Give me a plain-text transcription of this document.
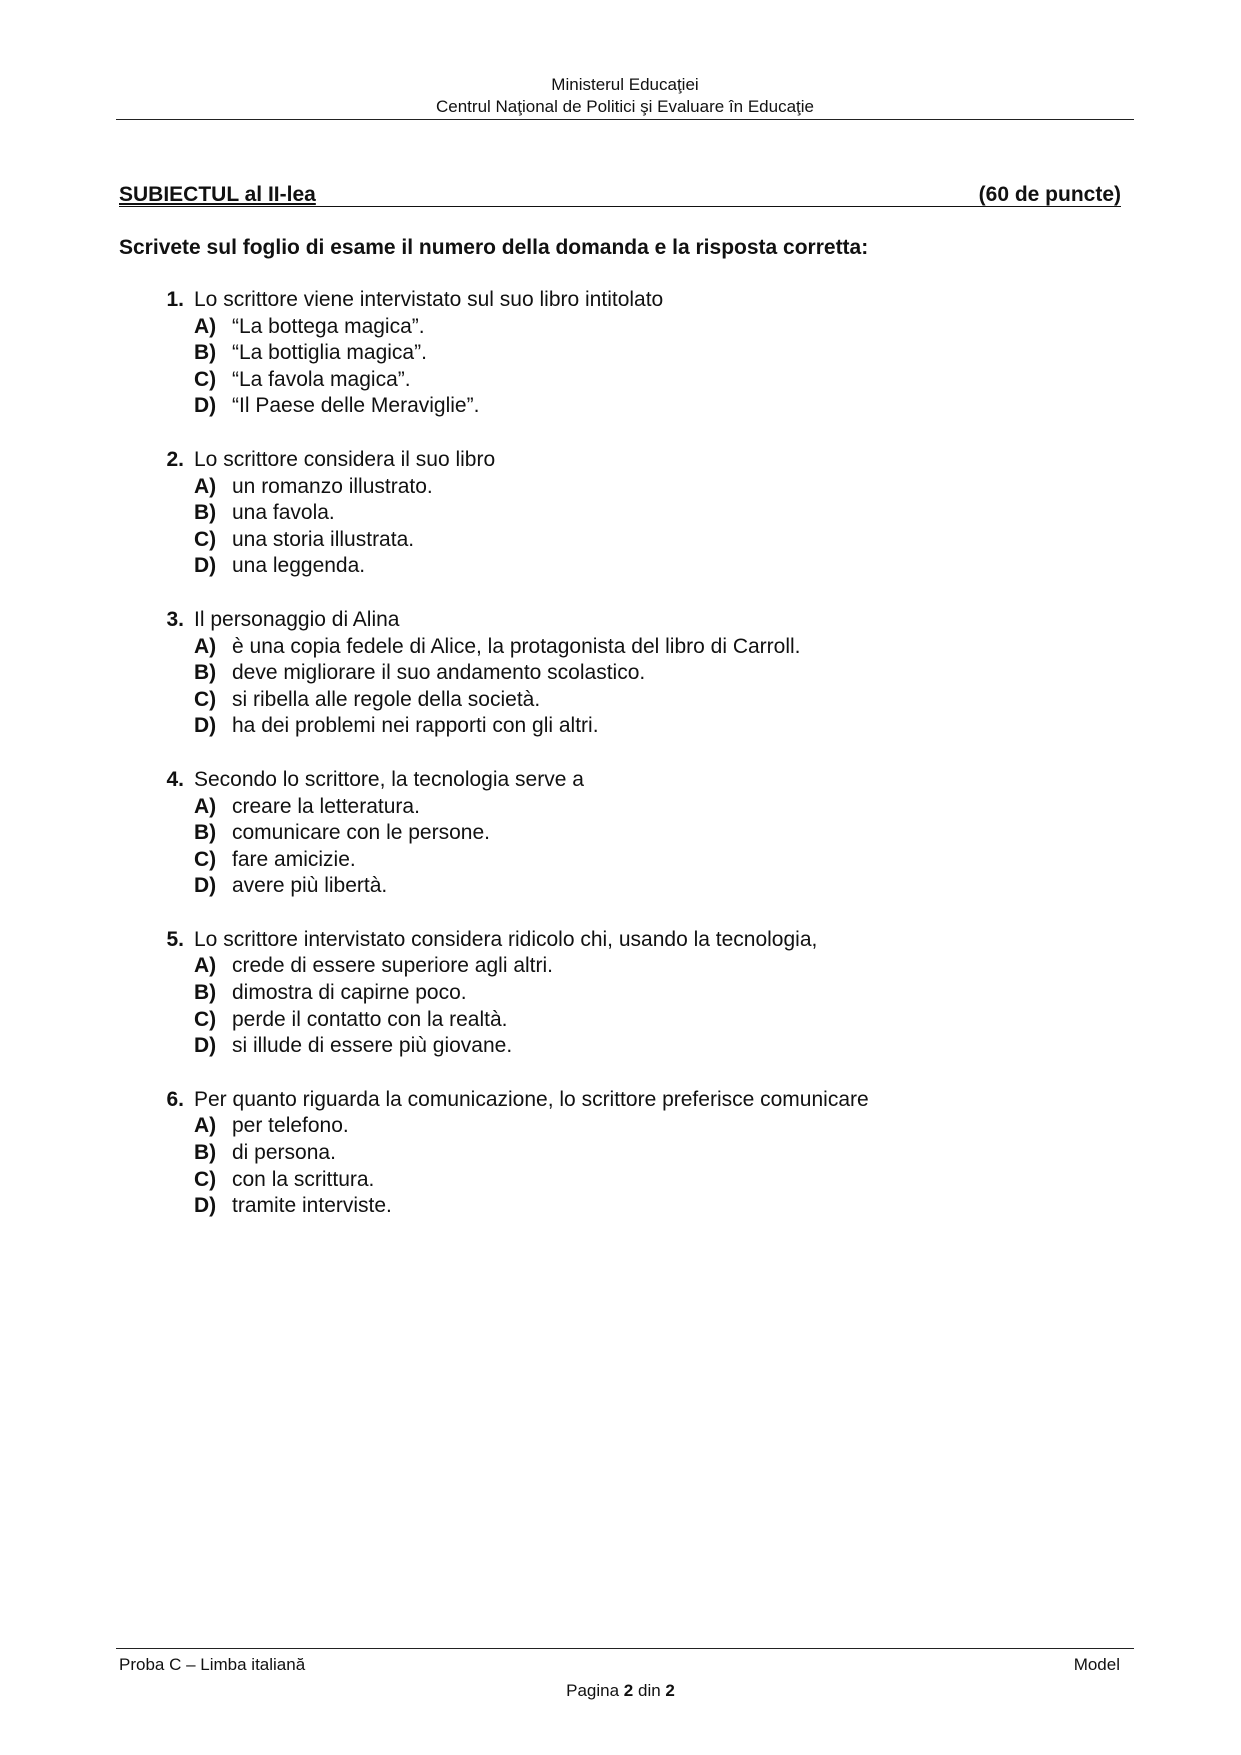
Ministerul Educaţiei
Centrul Naţional de Politici şi Evaluare în Educaţie
SUBIECTUL al II-lea	(60 de puncte)
Scrivete sul foglio di esame il numero della domanda e la risposta corretta:
1. Lo scrittore viene intervistato sul suo libro intitolato
A) “La bottega magica”.
B) “La bottiglia magica”.
C) “La favola magica”.
D) “Il Paese delle Meraviglie”.
2. Lo scrittore considera il suo libro
A) un romanzo illustrato.
B) una favola.
C) una storia illustrata.
D) una leggenda.
3. Il personaggio di Alina
A) è una copia fedele di Alice, la protagonista del libro di Carroll.
B) deve migliorare il suo andamento scolastico.
C) si ribella alle regole della società.
D) ha dei problemi nei rapporti con gli altri.
4. Secondo lo scrittore, la tecnologia serve a
A) creare la letteratura.
B) comunicare con le persone.
C) fare amicizie.
D) avere più libertà.
5. Lo scrittore intervistato considera ridicolo chi, usando la tecnologia,
A) crede di essere superiore agli altri.
B) dimostra di capirne poco.
C) perde il contatto con la realtà.
D) si illude di essere più giovane.
6. Per quanto riguarda la comunicazione, lo scrittore preferisce comunicare
A) per telefono.
B) di persona.
C) con la scrittura.
D) tramite interviste.
Proba C – Limba italiană	Model
Pagina 2 din 2
